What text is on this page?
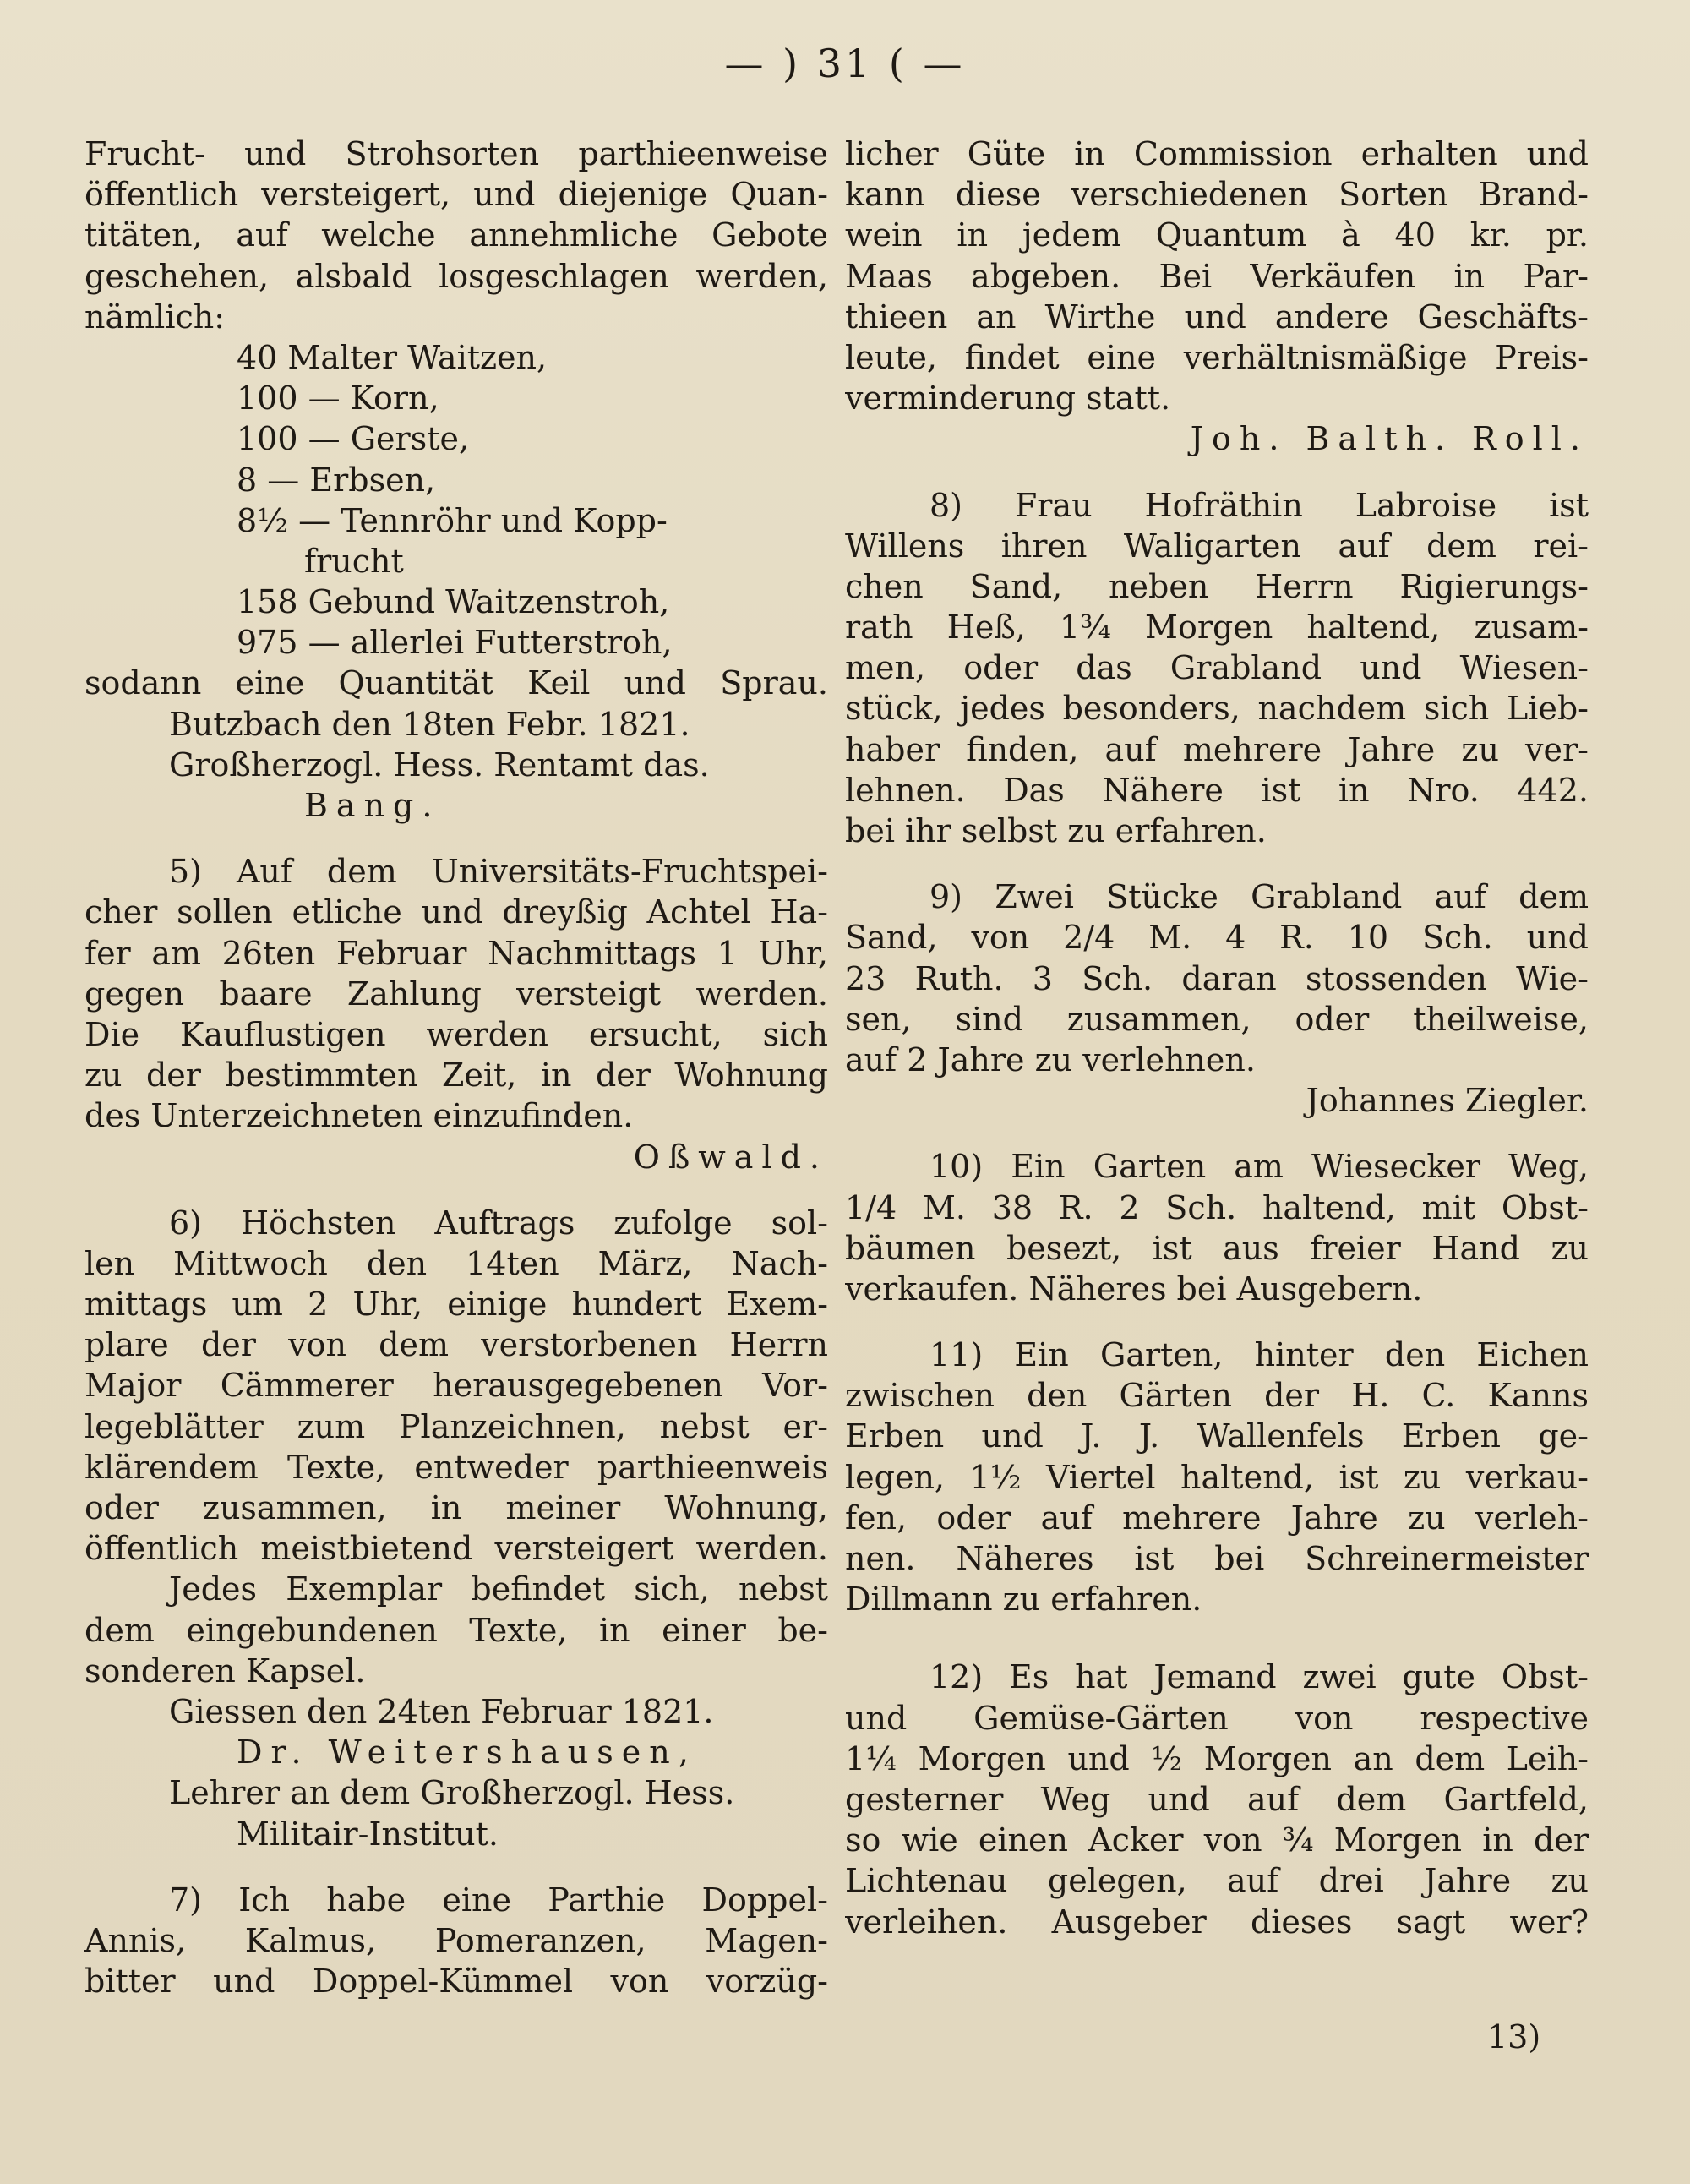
— ) 31 ( —
Frucht- und Strohsorten parthieenweise
öffentlich versteigert, und diejenige Quan-
titäten, auf welche annehmliche Gebote
geschehen, alsbald losgeschlagen werden,
nämlich:
40 Malter Waitzen,
100 — Korn,
100 — Gerste,
8 — Erbsen,
8½ — Tennröhr und Kopp-
frucht
158 Gebund Waitzenstroh,
975 — allerlei Futterstroh,
sodann eine Quantität Keil und Sprau.
Butzbach den 18ten Febr. 1821.
Großherzogl. Hess. Rentamt das.
Bang.
5) Auf dem Universitäts-Fruchtspei-
cher sollen etliche und dreyßig Achtel Ha-
fer am 26ten Februar Nachmittags 1 Uhr,
gegen baare Zahlung versteigt werden.
Die Kauflustigen werden ersucht, sich
zu der bestimmten Zeit, in der Wohnung
des Unterzeichneten einzufinden.
Oßwald.
6) Höchsten Auftrags zufolge sol-
len Mittwoch den 14ten März, Nach-
mittags um 2 Uhr, einige hundert Exem-
plare der von dem verstorbenen Herrn
Major Cämmerer herausgegebenen Vor-
legeblätter zum Planzeichnen, nebst er-
klärendem Texte, entweder parthieenweis
oder zusammen, in meiner Wohnung,
öffentlich meistbietend versteigert werden.
Jedes Exemplar befindet sich, nebst
dem eingebundenen Texte, in einer be-
sonderen Kapsel.
Giessen den 24ten Februar 1821.
Dr. Weitershausen,
Lehrer an dem Großherzogl. Hess.
Militair-Institut.
7) Ich habe eine Parthie Doppel-
Annis, Kalmus, Pomeranzen, Magen-
bitter und Doppel-Kümmel von vorzüg-
licher Güte in Commission erhalten und
kann diese verschiedenen Sorten Brand-
wein in jedem Quantum à 40 kr. pr.
Maas abgeben. Bei Verkäufen in Par-
thieen an Wirthe und andere Geschäfts-
leute, findet eine verhältnismäßige Preis-
verminderung statt.
Joh. Balth. Roll.
8) Frau Hofräthin Labroise ist
Willens ihren Waligarten auf dem rei-
chen Sand, neben Herrn Rigierungs-
rath Heß, 1¾ Morgen haltend, zusam-
men, oder das Grabland und Wiesen-
stück, jedes besonders, nachdem sich Lieb-
haber finden, auf mehrere Jahre zu ver-
lehnen. Das Nähere ist in Nro. 442.
bei ihr selbst zu erfahren.
9) Zwei Stücke Grabland auf dem
Sand, von 2/4 M. 4 R. 10 Sch. und
23 Ruth. 3 Sch. daran stossenden Wie-
sen, sind zusammen, oder theilweise,
auf 2 Jahre zu verlehnen.
Johannes Ziegler.
10) Ein Garten am Wiesecker Weg,
1/4 M. 38 R. 2 Sch. haltend, mit Obst-
bäumen besezt, ist aus freier Hand zu
verkaufen. Näheres bei Ausgebern.
11) Ein Garten, hinter den Eichen
zwischen den Gärten der H. C. Kanns
Erben und J. J. Wallenfels Erben ge-
legen, 1½ Viertel haltend, ist zu verkau-
fen, oder auf mehrere Jahre zu verleh-
nen. Näheres ist bei Schreinermeister
Dillmann zu erfahren.
12) Es hat Jemand zwei gute Obst-
und Gemüse-Gärten von respective
1¼ Morgen und ½ Morgen an dem Leih-
gesterner Weg und auf dem Gartfeld,
so wie einen Acker von ¾ Morgen in der
Lichtenau gelegen, auf drei Jahre zu
verleihen. Ausgeber dieses sagt wer?
13)
